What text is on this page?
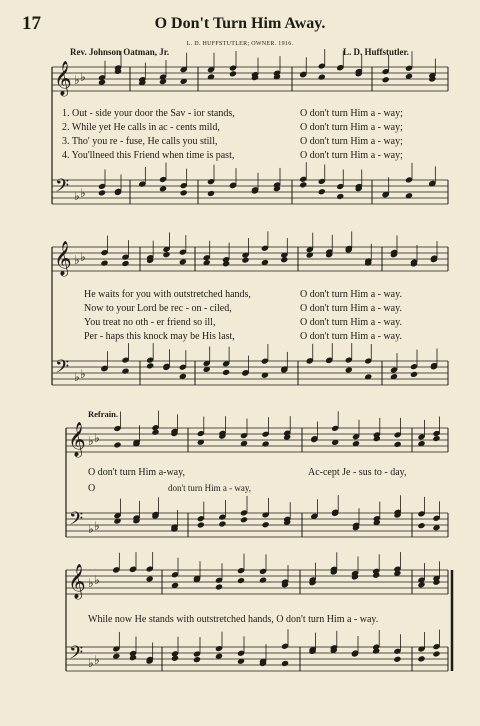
17	O Don't Turn Him Away.
L. D. HUFFSTUTLER; OWNER. 1916.
Rev. Johnson Oatman, Jr.	L. D. Huffstutler.
𝄞
𝄢
♭ ♭
♭ ♭
𝄞
𝄢
♭ ♭
♭ ♭
𝄞
𝄢
♭ ♭
♭ ♭
𝄞
𝄢
♭ ♭
♭ ♭
1. Out - side your door the Sav - ior stands,	O don't turn Him a - way;
2. While yet He calls in ac - cents mild,	O don't turn Him a - way;
3. Tho' you re - fuse, He calls you still,	O don't turn Him a - way;
4. You'llneed this Friend when time is past,	O don't turn Him a - way;
He waits for you with outstretched hands,	O don't turn Him a - way.
Now to your Lord be rec - on - ciled,	O don't turn Him a - way.
You treat no oth - er friend so ill,	O don't turn Him a - way.
Per - haps this knock may be His last,	O don't turn Him a - way.
Refrain.
O don't turn Him a-way,	Ac-cept Je - sus to - day,
O	don't turn Him a - way,
While now He stands with outstretched hands, O don't turn Him a - way.
